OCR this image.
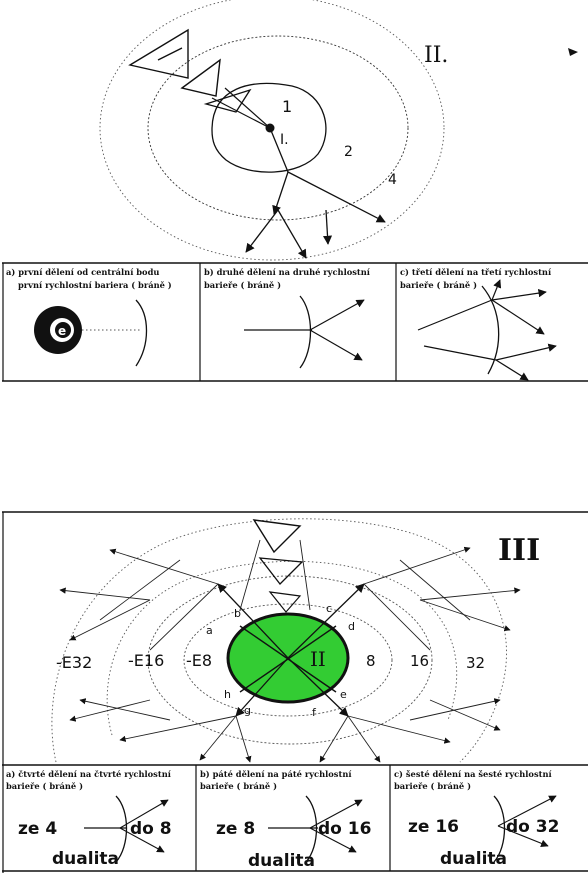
I.
1
2
4
II.
a) první dělení od centrální bodu
první rychlostní bariera ( bráně )
e
b) druhé dělení na druhé rychlostní
barieře ( bráně )
c) třetí dělení na třetí rychlostní
barieře ( bráně )
II
a
b	c
d
e
f
g
h
-E32 -E16 -E8	8 16 32
III
a) čtvrté dělení na čtvrté rychlostní
barieře ( bráně )
ze 4	do 8
dualita
b) páté dělení na páté rychlostní
barieře ( bráně )
ze 8	do 16
dualita
c) šesté dělení na šesté rychlostní
barieře ( bráně )
ze 16	do 32
dualita
